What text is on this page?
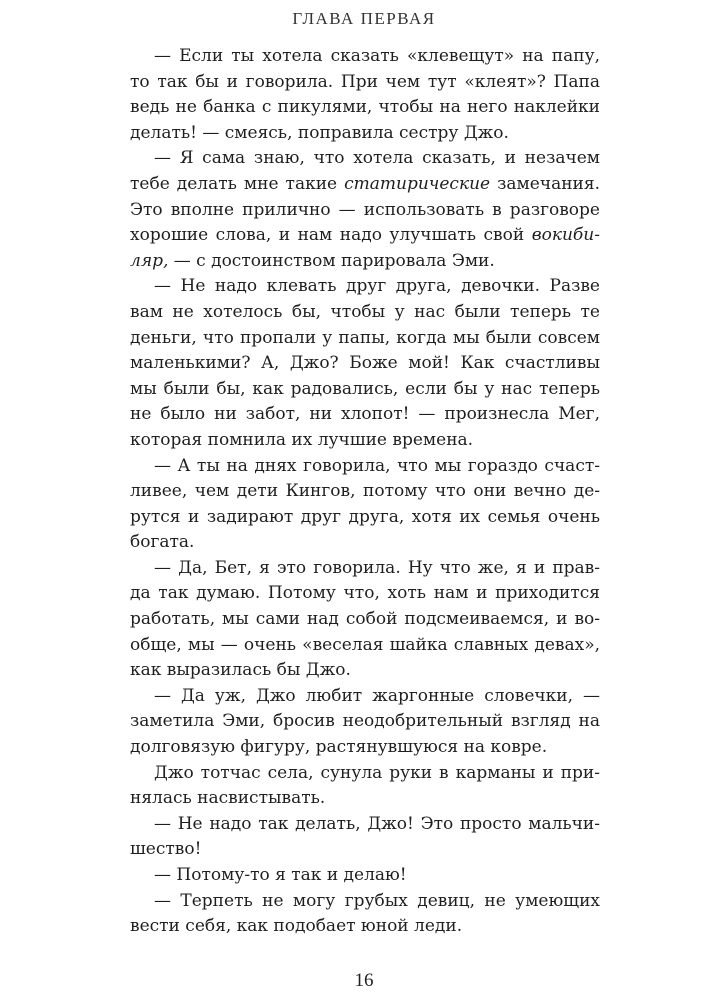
ГЛАВА ПЕРВАЯ
— Если ты хотела сказать «клевещут» на папу,
то так бы и говорила. При чем тут «клеят»? Папа
ведь не банка с пикулями, чтобы на него наклейки
делать! — смеясь, поправила сестру Джо.
— Я сама знаю, что хотела сказать, и незачем
тебе делать мне такие статирические замечания.
Это вполне прилично — использовать в разговоре
хорошие слова, и нам надо улучшать свой вокиби-
ляр, — с достоинством парировала Эми.
— Не надо клевать друг друга, девочки. Разве
вам не хотелось бы, чтобы у нас были теперь те
деньги, что пропали у папы, когда мы были совсем
маленькими? А, Джо? Боже мой! Как счастливы
мы были бы, как радовались, если бы у нас теперь
не было ни забот, ни хлопот! — произнесла Мег,
которая помнила их лучшие времена.
— А ты на днях говорила, что мы гораздо счаст-
ливее, чем дети Кингов, потому что они вечно де-
рутся и задирают друг друга, хотя их семья очень
богата.
— Да, Бет, я это говорила. Ну что же, я и прав-
да так думаю. Потому что, хоть нам и приходится
работать, мы сами над собой подсмеиваемся, и во-
обще, мы — очень «веселая шайка славных девах»,
как выразилась бы Джо.
— Да уж, Джо любит жаргонные словечки, —
заметила Эми, бросив неодобрительный взгляд на
долговязую фигуру, растянувшуюся на ковре.
Джо тотчас села, сунула руки в карманы и при-
нялась насвистывать.
— Не надо так делать, Джо! Это просто мальчи-
шество!
— Потому-то я так и делаю!
— Терпеть не могу грубых девиц, не умеющих
вести себя, как подобает юной леди.
16
